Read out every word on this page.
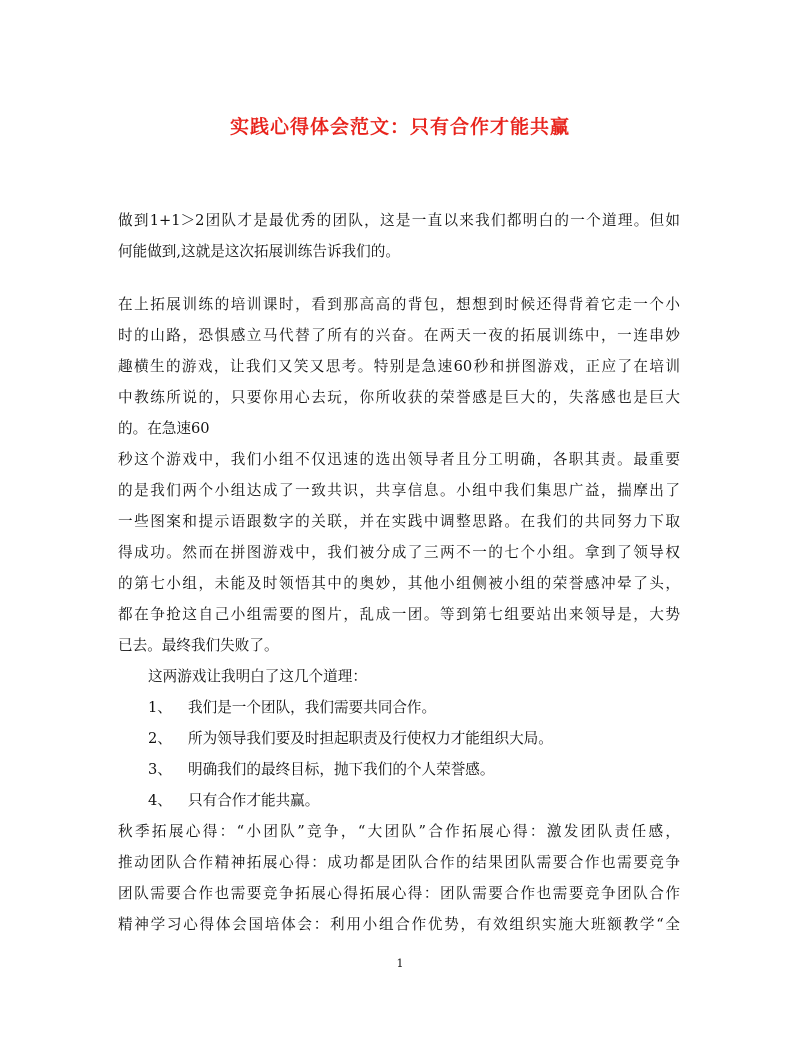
实践心得体会范文：只有合作才能共赢
做到1+1＞2团队才是最优秀的团队，这是一直以来我们都明白的一个道理。但如
何能做到,这就是这次拓展训练告诉我们的。
在上拓展训练的培训课时，看到那高高的背包，想想到时候还得背着它走一个小
时的山路，恐惧感立马代替了所有的兴奋。在两天一夜的拓展训练中，一连串妙
趣横生的游戏，让我们又笑又思考。特别是急速60秒和拼图游戏，正应了在培训
中教练所说的，只要你用心去玩，你所收获的荣誉感是巨大的，失落感也是巨大
的。在急速60
秒这个游戏中，我们小组不仅迅速的选出领导者且分工明确，各职其责。最重要
的是我们两个小组达成了一致共识，共享信息。小组中我们集思广益，揣摩出了
一些图案和提示语跟数字的关联，并在实践中调整思路。在我们的共同努力下取
得成功。然而在拼图游戏中，我们被分成了三两不一的七个小组。拿到了领导权
的第七小组，未能及时领悟其中的奥妙，其他小组侧被小组的荣誉感冲晕了头，
都在争抢这自己小组需要的图片，乱成一团。等到第七组要站出来领导是，大势
已去。最终我们失败了。
这两游戏让我明白了这几个道理：
1、 我们是一个团队，我们需要共同合作。
2、 所为领导我们要及时担起职责及行使权力才能组织大局。
3、 明确我们的最终目标，抛下我们的个人荣誉感。
4、 只有合作才能共赢。
秋季拓展心得：“小团队”竞争，“大团队”合作拓展心得：激发团队责任感，
推动团队合作精神拓展心得：成功都是团队合作的结果团队需要合作也需要竞争
团队需要合作也需要竞争拓展心得拓展心得：团队需要合作也需要竞争团队合作
精神学习心得体会国培体会：利用小组合作优势，有效组织实施大班额教学“全
1
